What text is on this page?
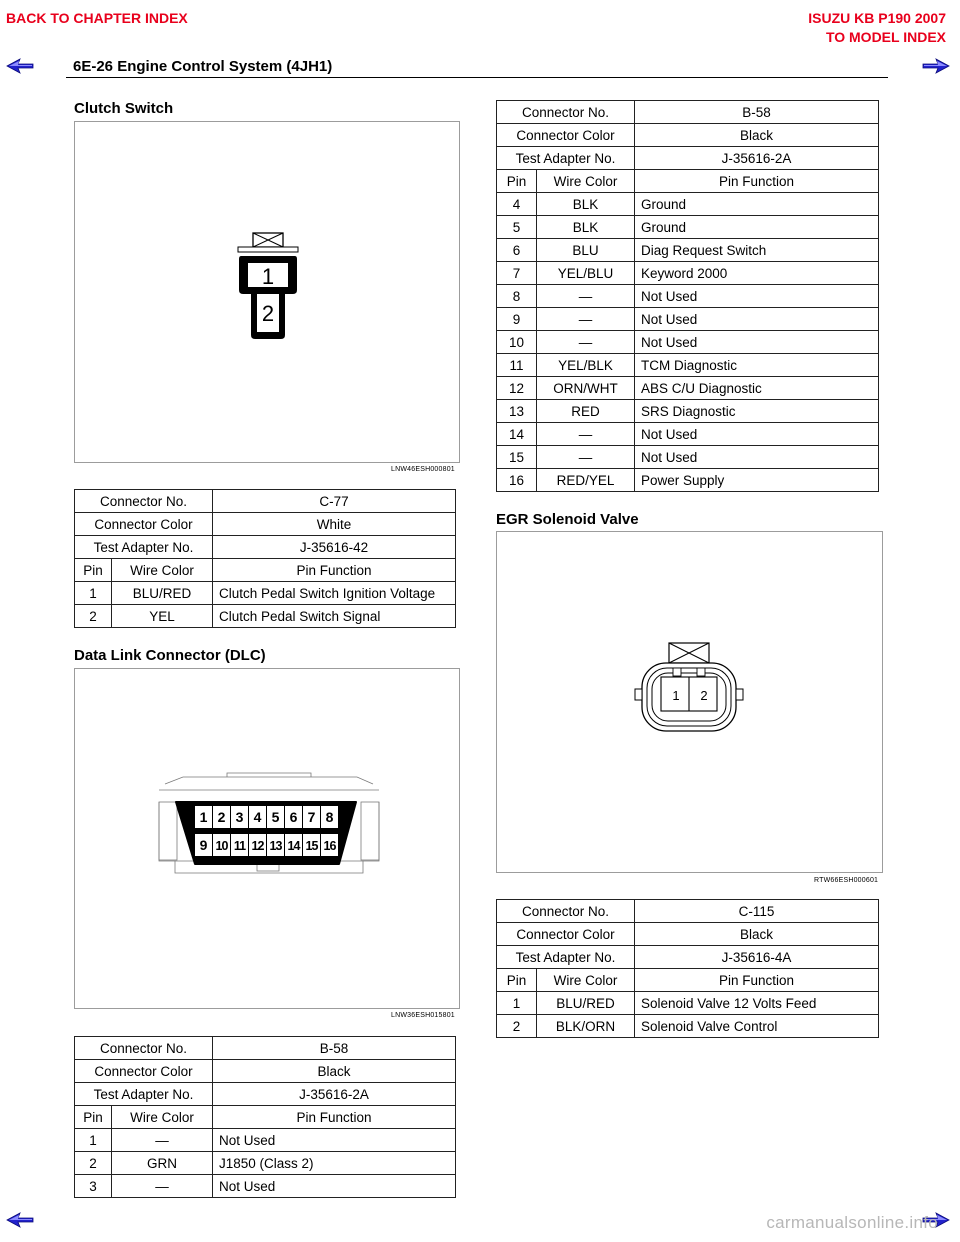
BACK TO CHAPTER INDEX	ISUZU KB P190 2007
TO MODEL INDEX
6E-26 Engine Control System (4JH1)
Clutch Switch
1
2
LNW46ESH000801
Connector No.		C-77
Connector Color		White
Test Adapter No.		J-35616-42
Pin	Wire Color	Pin Function
1	BLU/RED	Clutch Pedal Switch Ignition Voltage
2	YEL	Clutch Pedal Switch Signal
Data Link Connector (DLC)
1 2 3 4 5 6 7 8
9 10 11 12 13 14 15 16
LNW36ESH015801
Connector No.		B-58
Connector Color		Black
Test Adapter No.		J-35616-2A
Pin	Wire Color	Pin Function
1	—	Not Used
2	GRN	J1850 (Class 2)
3	—	Not Used
Connector No.		B-58
Connector Color		Black
Test Adapter No.		J-35616-2A
Pin	Wire Color	Pin Function
4	BLK	Ground
5	BLK	Ground
6	BLU	Diag Request Switch
7	YEL/BLU	Keyword 2000
8	—	Not Used
9	—	Not Used
10	—	Not Used
11	YEL/BLK	TCM Diagnostic
12	ORN/WHT	ABS C/U Diagnostic
13	RED	SRS Diagnostic
14	—	Not Used
15	—	Not Used
16	RED/YEL	Power Supply
EGR Solenoid Valve
1 2
RTW66ESH000601
Connector No.		C-115
Connector Color		Black
Test Adapter No.		J-35616-4A
Pin	Wire Color	Pin Function
1	BLU/RED	Solenoid Valve 12 Volts Feed
2	BLK/ORN	Solenoid Valve Control
carmanualsonline.info
